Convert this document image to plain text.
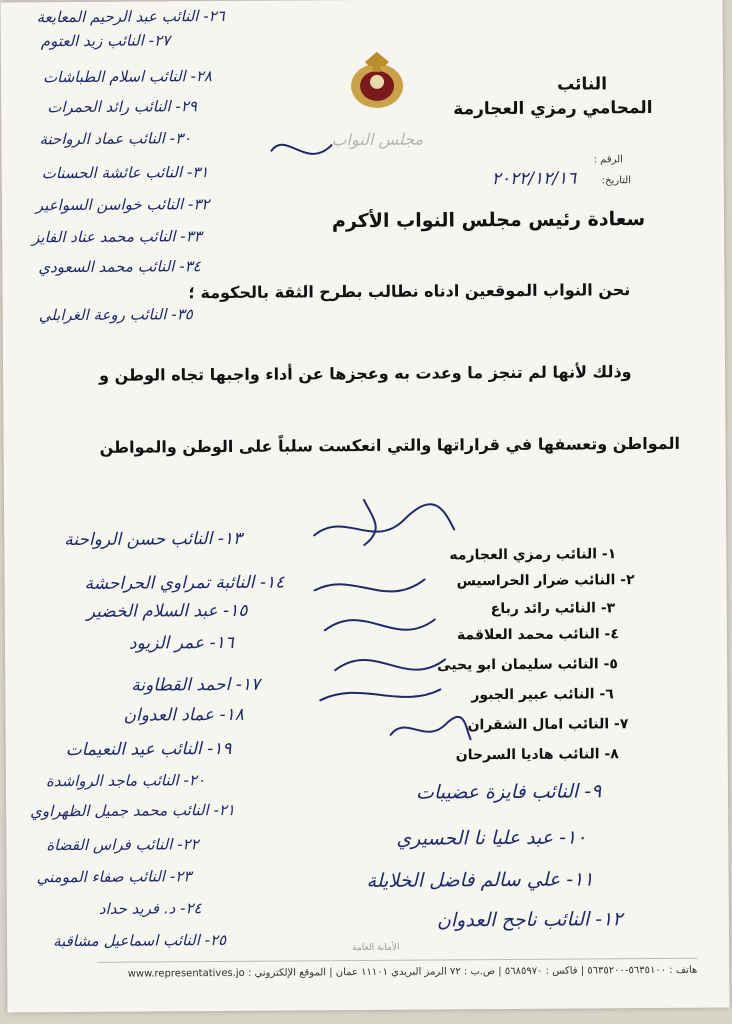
النائب
المحامي رمزي العجارمة
مجلس النواب
الرقم :
التاريخ:
٢٠٢٢/١٢/١٦
سعادة رئيس مجلس النواب الأكرم
نحن النواب الموقعين ادناه نطالب بطرح الثقة بالحكومة ؛
وذلك لأنها لم تنجز ما وعدت به وعجزها عن أداء واجبها تجاه الوطن و
المواطن وتعسفها في قراراتها والتي انعكست سلباً على الوطن والمواطن
١- النائب رمزي العجارمه
٢- النائب ضرار الحراسيس
٣- النائب رائد رباع
٤- النائب محمد العلاقمة
٥- النائب سليمان ابو يحيى
٦- النائب عبير الجبور
٧- النائب امال الشقران
٨- النائب هاديا السرحان
٩- النائب فايزة عضيبات
١٠- عبد عليا نا الحسيري
١١- علي سالم فاضل الخلايلة
١٢- النائب ناجح العدوان
١٣- النائب حسن الرواحنة
١٤- النائبة تمراوي الحراحشة
١٥- عبد السلام الخضير
١٦- عمر الزيود
١٧- احمد القطاونة
١٨- عماد العدوان
١٩- النائب عيد النعيمات
٢٠- النائب ماجد الرواشدة
٢١- النائب محمد جميل الظهراوي
٢٢- النائب فراس القضاة
٢٣- النائب صفاء المومني
٢٤- د. فريد حداد
٢٥- النائب اسماعيل مشاقبة
٢٦- النائب عبد الرحيم المعايعة
٢٧- النائب زيد العتوم
٢٨- النائب اسلام الطباشات
٢٩- النائب رائد الحمرات
٣٠- النائب عماد الرواحنة
٣١- النائب عائشة الحسنات
٣٢- النائب خواسن السواعير
٣٣- النائب محمد عناد الفايز
٣٤- النائب محمد السعودي
٣٥- النائب روعة الغرابلي
الأمانة العامة
هاتف : ٥٦٣٥١٠٠-٥٦٣٥٢٠٠ | فاكس : ٥٦٨٥٩٧٠ | ص.ب : ٧٢ الرمز البريدي ١١١٠١ عمان | الموقع الإلكتروني : www.representatives.jo
